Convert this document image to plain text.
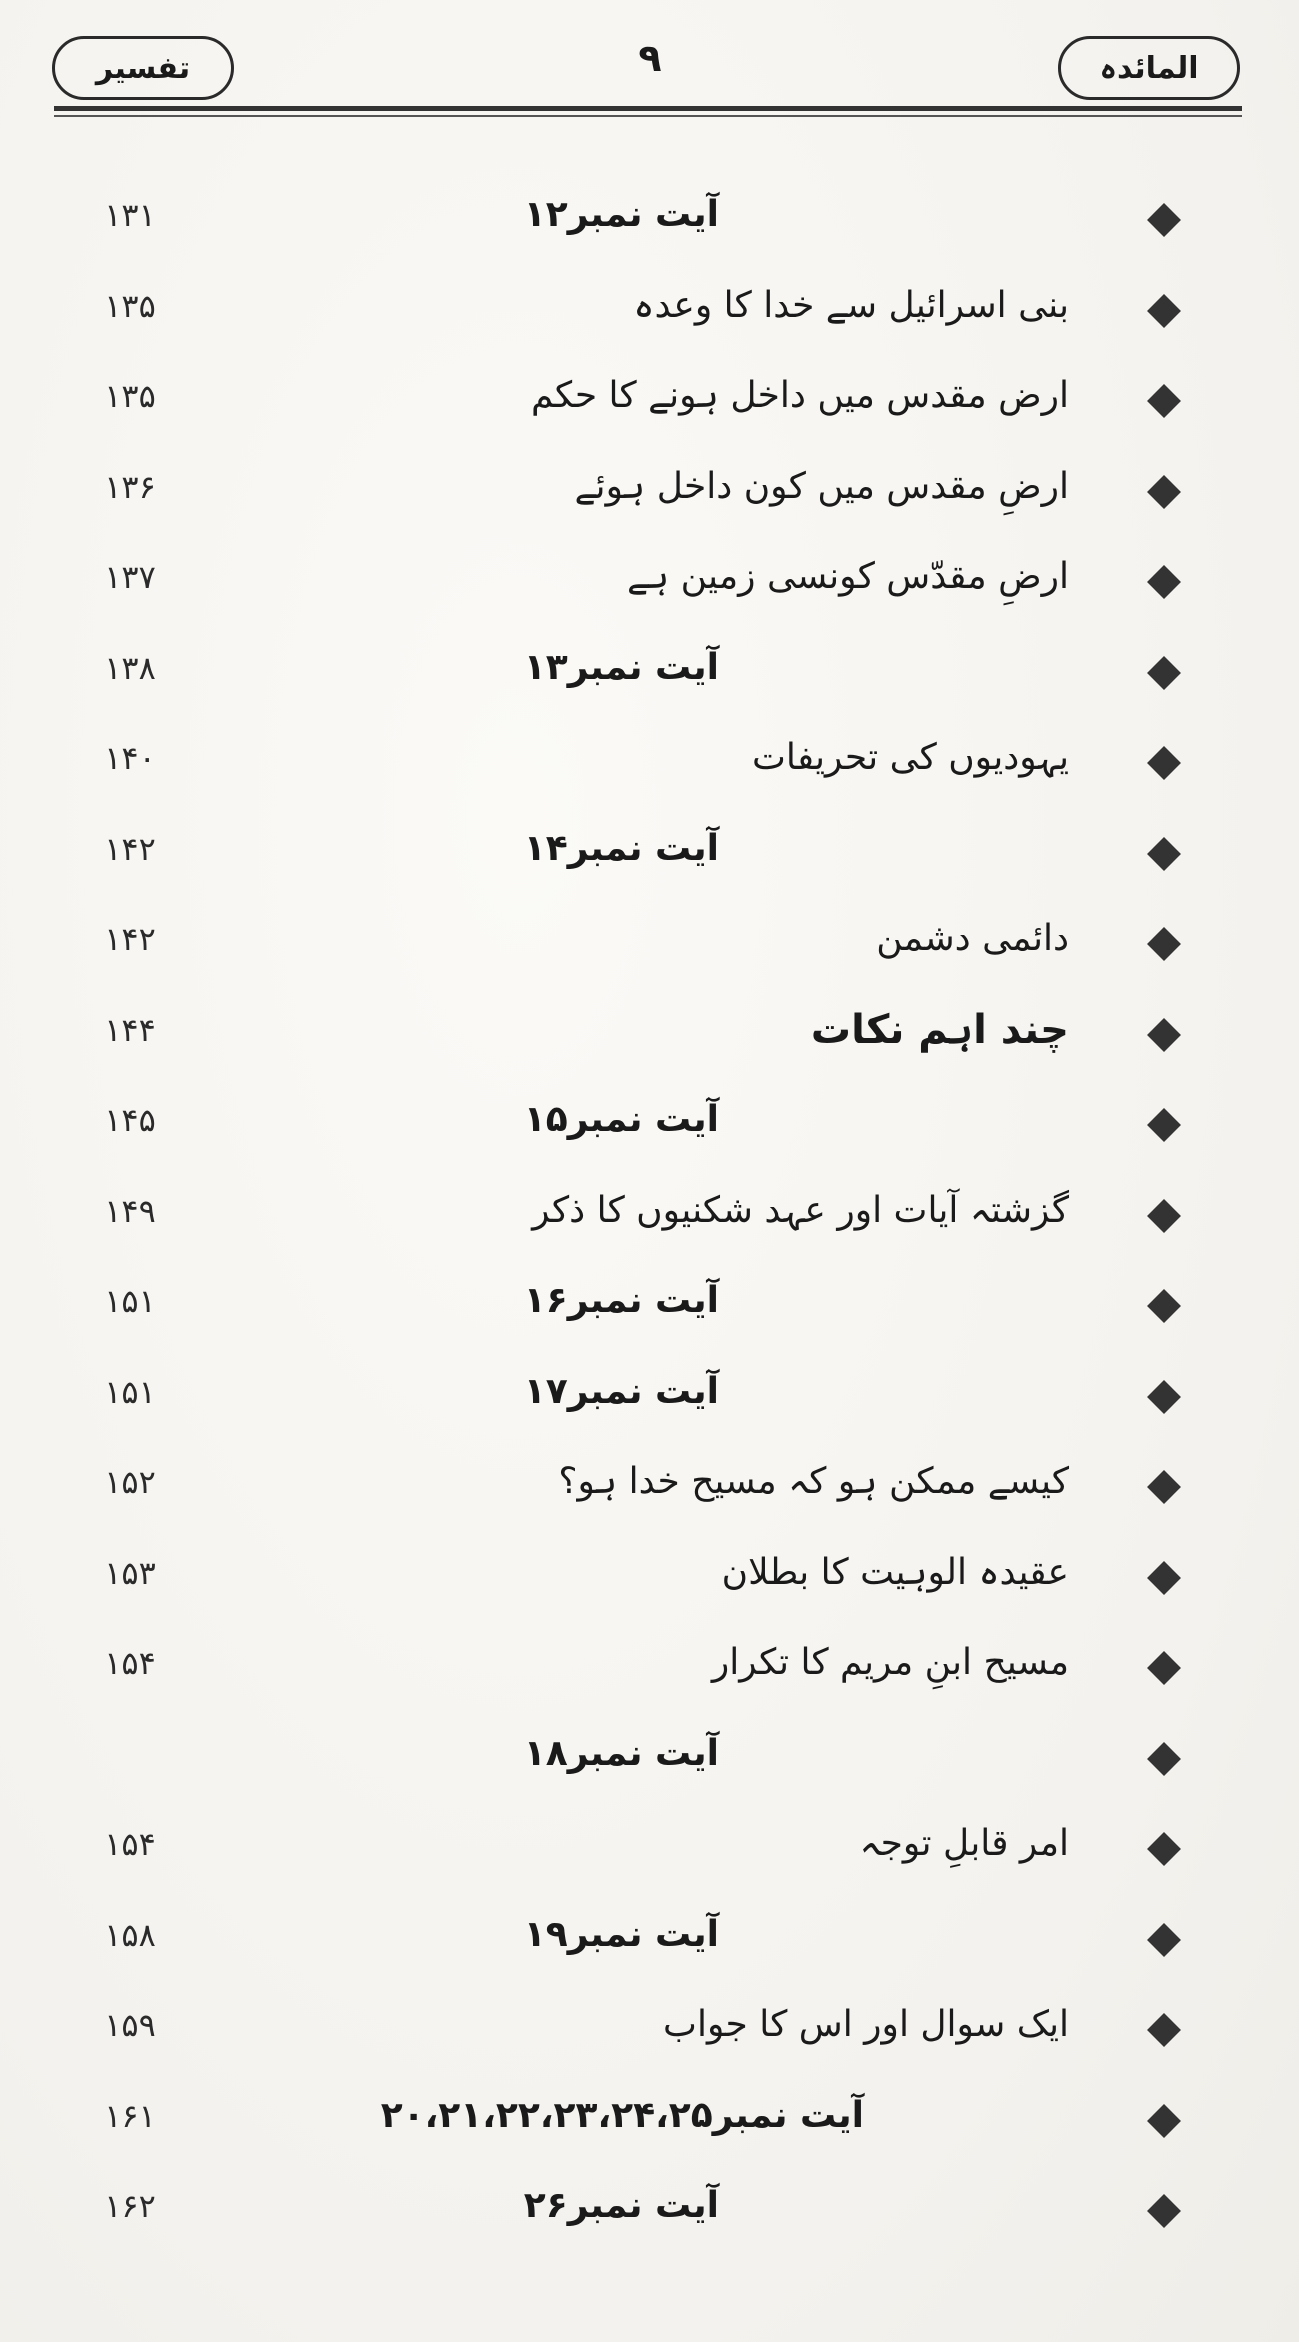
تفسیر	۹	المائدہ
آیت نمبر۱۲
۱۳۱
بنی اسرائیل سے خدا کا وعدہ
۱۳۵
ارض مقدس میں داخل ہونے کا حکم
۱۳۵
ارضِ مقدس میں کون داخل ہوئے
۱۳۶
ارضِ مقدّس کونسی زمین ہے
۱۳۷
آیت نمبر۱۳
۱۳۸
یہودیوں کی تحریفات
۱۴۰
آیت نمبر۱۴
۱۴۲
دائمی دشمن
۱۴۲
چند اہم نکات
۱۴۴
آیت نمبر۱۵
۱۴۵
گزشتہ آیات اور عہد شکنیوں کا ذکر
۱۴۹
آیت نمبر۱۶
۱۵۱
آیت نمبر۱۷
۱۵۱
کیسے ممکن ہو کہ مسیح خدا ہو؟
۱۵۲
عقیدہ الوہیت کا بطلان
۱۵۳
مسیح ابنِ مریم کا تکرار
۱۵۴
آیت نمبر۱۸
امر قابلِ توجہ
۱۵۴
آیت نمبر۱۹
۱۵۸
ایک سوال اور اس کا جواب
۱۵۹
آیت نمبر۲۰،۲۱،۲۲،۲۳،۲۴،۲۵
۱۶۱
آیت نمبر۲۶
۱۶۲
